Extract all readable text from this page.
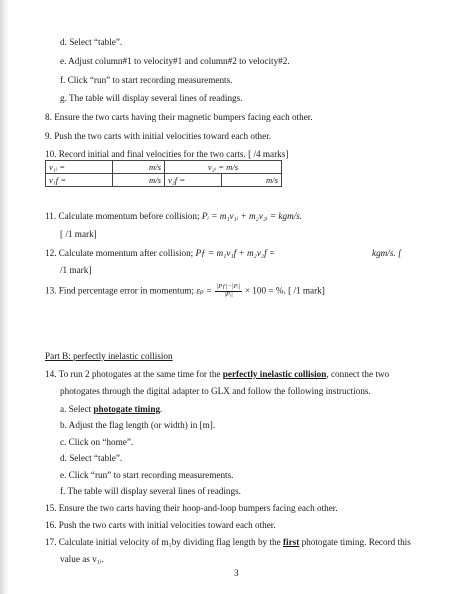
d. Select “table”.
e. Adjust column#1 to velocity#1 and column#2 to velocity#2.
f. Click “run” to start recording measurements.
g. The table will display several lines of readings.
8. Ensure the two carts having their magnetic bumpers facing each other.
9. Push the two carts with initial velocities toward each other.
10. Record initial and final velocities for the two carts. [ /4 marks]
v₁ᵢ =	m/s	v₂ᵢ = m/s	
v₁f =	m/s	v₂f =	m/s
11. Calculate momentum before collision; Pᵢ = m₁v₁ᵢ + m₂v₂ᵢ = kgm/s.
[ /1 mark]
12. Calculate momentum after collision; Pƒ = m₁v₁f + m₂v₂f =	kgm/s. [
/1 mark]
13. Find percentage error in momentum; $\varepsilon_p = \frac{\text{|Pƒ|−|Pᵢ|}}{\text{|Pᵢ|}} \times 100$ = %. [ /1 mark]
Part B: perfectly inelastic collision
14. To run 2 photogates at the same time for the perfectly inelastic collision, connect the two
photogates through the digital adapter to GLX and follow the following instructions.
a. Select photogate timing.
b. Adjust the flag length (or width) in [m].
c. Click on “home”.
d. Select “table”.
e. Click “run” to start recording measurements.
f. The table will display several lines of readings.
15. Ensure the two carts having their hoop-and-loop bumpers facing each other.
16. Push the two carts with initial velocities toward each other.
17. Calculate initial velocity of m₁by dividing flag length by the first photogate timing. Record this
value as v₁ᵢ.
3
